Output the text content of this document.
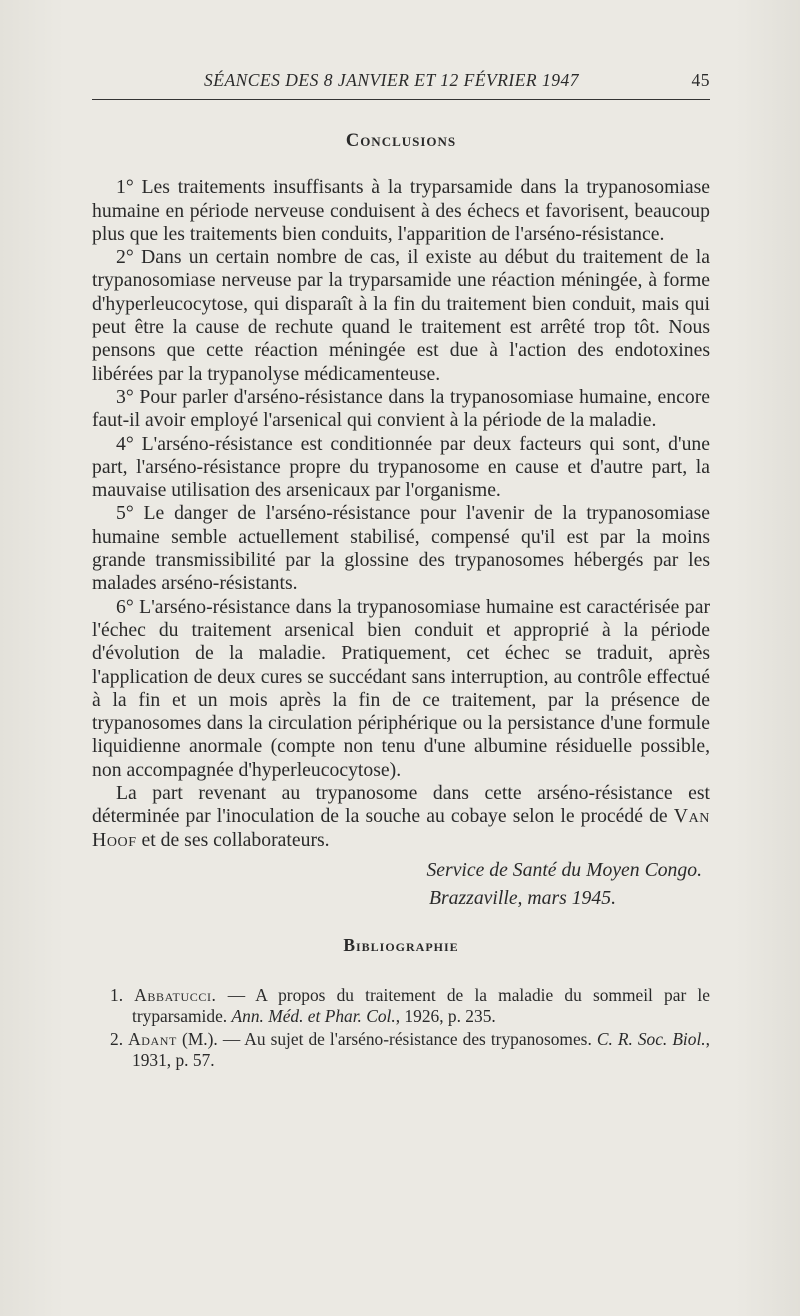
SÉANCES DES 8 JANVIER ET 12 FÉVRIER 1947	45
Conclusions

1° Les traitements insuffisants à la tryparsamide dans la trypanosomiase humaine en période nerveuse conduisent à des échecs et favorisent, beaucoup plus que les traitements bien conduits, l'apparition de l'arséno-résistance.

2° Dans un certain nombre de cas, il existe au début du traitement de la trypanosomiase nerveuse par la tryparsamide une réaction méningée, à forme d'hyperleucocytose, qui disparaît à la fin du traitement bien conduit, mais qui peut être la cause de rechute quand le traitement est arrêté trop tôt. Nous pensons que cette réaction méningée est due à l'action des endotoxines libérées par la trypanolyse médicamenteuse.

3° Pour parler d'arséno-résistance dans la trypanosomiase humaine, encore faut-il avoir employé l'arsenical qui convient à la période de la maladie.

4° L'arséno-résistance est conditionnée par deux facteurs qui sont, d'une part, l'arséno-résistance propre du trypanosome en cause et d'autre part, la mauvaise utilisation des arsenicaux par l'organisme.

5° Le danger de l'arséno-résistance pour l'avenir de la trypanosomiase humaine semble actuellement stabilisé, compensé qu'il est par la moins grande transmissibilité par la glossine des trypanosomes hébergés par les malades arséno-résistants.

6° L'arséno-résistance dans la trypanosomiase humaine est caractérisée par l'échec du traitement arsenical bien conduit et approprié à la période d'évolution de la maladie. Pratiquement, cet échec se traduit, après l'application de deux cures se succédant sans interruption, au contrôle effectué à la fin et un mois après la fin de ce traitement, par la présence de trypanosomes dans la circulation périphérique ou la persistance d'une formule liquidienne anormale (compte non tenu d'une albumine résiduelle possible, non accompagnée d'hyperleucocytose).

La part revenant au trypanosome dans cette arséno-résistance est déterminée par l'inoculation de la souche au cobaye selon le procédé de Van Hoof et de ses collaborateurs.

Service de Santé du Moyen Congo.

Brazzaville, mars 1945.

Bibliographie

1. Abbatucci. — A propos du traitement de la maladie du sommeil par le tryparsamide. Ann. Méd. et Phar. Col., 1926, p. 235.

2. Adant (M.). — Au sujet de l'arséno-résistance des trypanosomes. C. R. Soc. Biol., 1931, p. 57.
